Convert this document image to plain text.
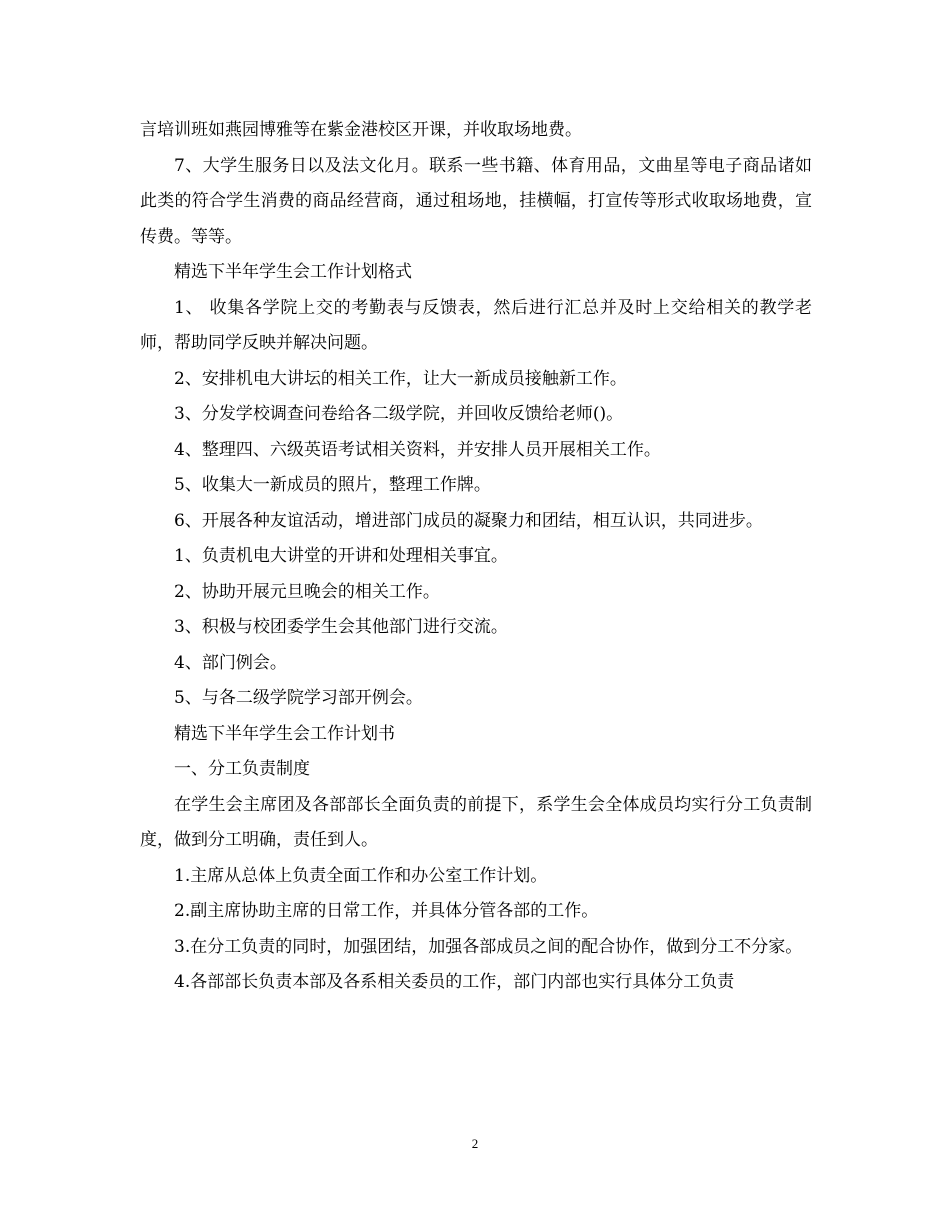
言培训班如燕园博雅等在紫金港校区开课，并收取场地费。

7、大学生服务日以及法文化月。联系一些书籍、体育用品，文曲星等电子商品诸如此类的符合学生消费的商品经营商，通过租场地，挂横幅，打宣传等形式收取场地费，宣传费。等等。

精选下半年学生会工作计划格式

1、 收集各学院上交的考勤表与反馈表，然后进行汇总并及时上交给相关的教学老师，帮助同学反映并解决问题。

2、安排机电大讲坛的相关工作，让大一新成员接触新工作。

3、分发学校调查问卷给各二级学院，并回收反馈给老师()。

4、整理四、六级英语考试相关资料，并安排人员开展相关工作。

5、收集大一新成员的照片，整理工作牌。

6、开展各种友谊活动，增进部门成员的凝聚力和团结，相互认识，共同进步。

1、负责机电大讲堂的开讲和处理相关事宜。

2、协助开展元旦晚会的相关工作。

3、积极与校团委学生会其他部门进行交流。

4、部门例会。

5、与各二级学院学习部开例会。

精选下半年学生会工作计划书

一、分工负责制度

在学生会主席团及各部部长全面负责的前提下，系学生会全体成员均实行分工负责制度，做到分工明确，责任到人。

1.主席从总体上负责全面工作和办公室工作计划。

2.副主席协助主席的日常工作，并具体分管各部的工作。

3.在分工负责的同时，加强团结，加强各部成员之间的配合协作，做到分工不分家。

4.各部部长负责本部及各系相关委员的工作，部门内部也实行具体分工负责

2
